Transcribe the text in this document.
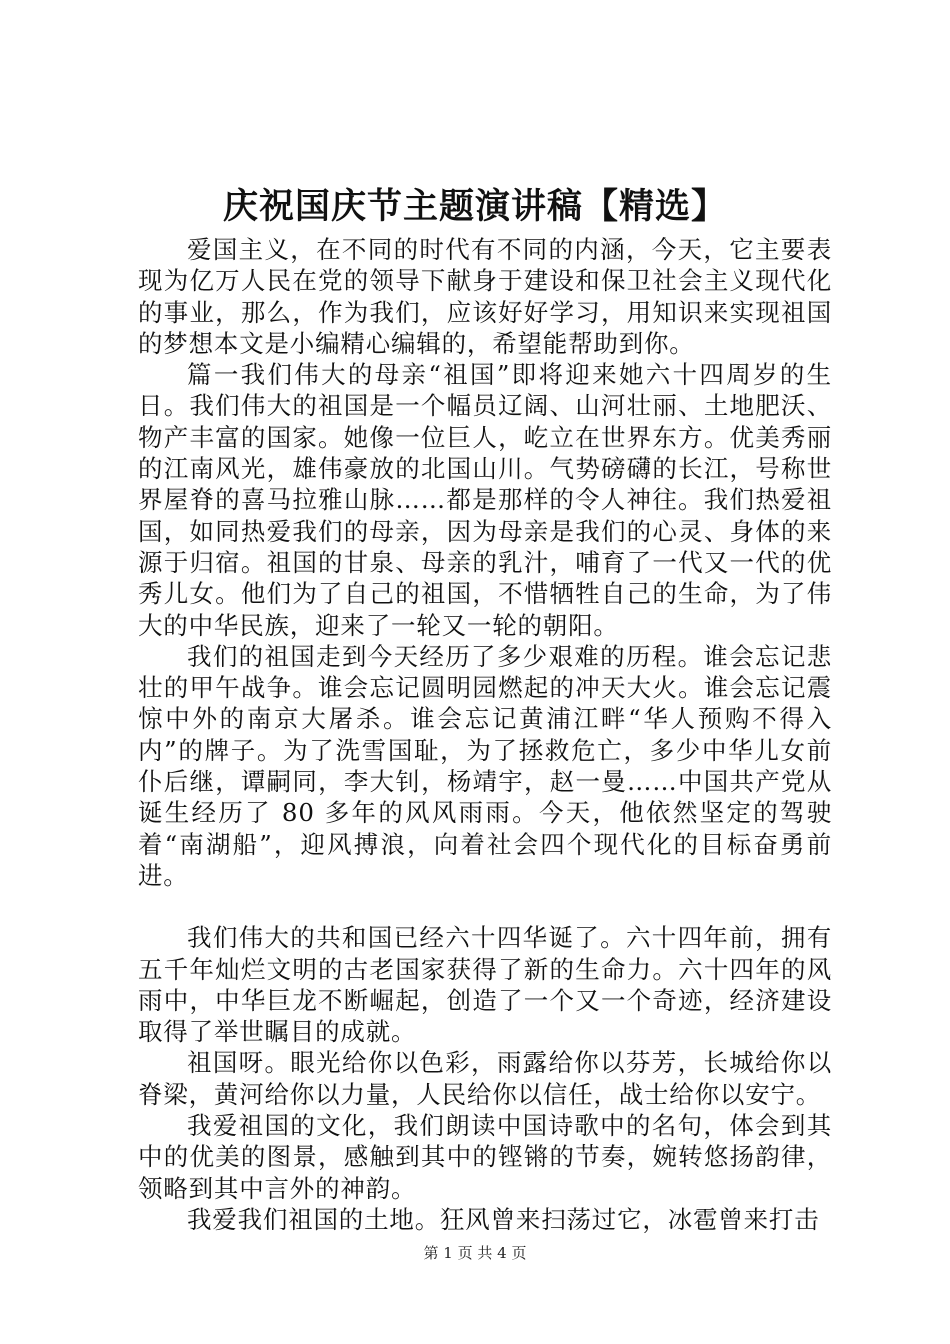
庆祝国庆节主题演讲稿【精选】

爱国主义，在不同的时代有不同的内涵，今天，它主要表现为亿万人民在党的领导下献身于建设和保卫社会主义现代化的事业，那么，作为我们，应该好好学习，用知识来实现祖国的梦想本文是小编精心编辑的，希望能帮助到你。

篇一我们伟大的母亲“祖国”即将迎来她六十四周岁的生日。我们伟大的祖国是一个幅员辽阔、山河壮丽、土地肥沃、物产丰富的国家。她像一位巨人，屹立在世界东方。优美秀丽的江南风光，雄伟豪放的北国山川。气势磅礴的长江，号称世界屋脊的喜马拉雅山脉……都是那样的令人神往。我们热爱祖国，如同热爱我们的母亲，因为母亲是我们的心灵、身体的来源于归宿。祖国的甘泉、母亲的乳汁，哺育了一代又一代的优秀儿女。他们为了自己的祖国，不惜牺牲自己的生命，为了伟大的中华民族，迎来了一轮又一轮的朝阳。

我们的祖国走到今天经历了多少艰难的历程。谁会忘记悲壮的甲午战争。谁会忘记圆明园燃起的冲天大火。谁会忘记震惊中外的南京大屠杀。谁会忘记黄浦江畔“华人预购不得入内”的牌子。为了洗雪国耻，为了拯救危亡，多少中华儿女前仆后继，谭嗣同，李大钊，杨靖宇，赵一曼……中国共产党从诞生经历了 80 多年的风风雨雨。今天，他依然坚定的驾驶着“南湖船”，迎风搏浪，向着社会四个现代化的目标奋勇前进。

我们伟大的共和国已经六十四华诞了。六十四年前，拥有五千年灿烂文明的古老国家获得了新的生命力。六十四年的风雨中，中华巨龙不断崛起，创造了一个又一个奇迹，经济建设取得了举世瞩目的成就。

祖国呀。眼光给你以色彩，雨露给你以芬芳，长城给你以脊梁，黄河给你以力量，人民给你以信任，战士给你以安宁。

我爱祖国的文化，我们朗读中国诗歌中的名句，体会到其中的优美的图景，感触到其中的铿锵的节奏，婉转悠扬韵律，领略到其中言外的神韵。

我爱我们祖国的土地。狂风曾来扫荡过它，冰雹曾来打击

第 1 页 共 4 页
